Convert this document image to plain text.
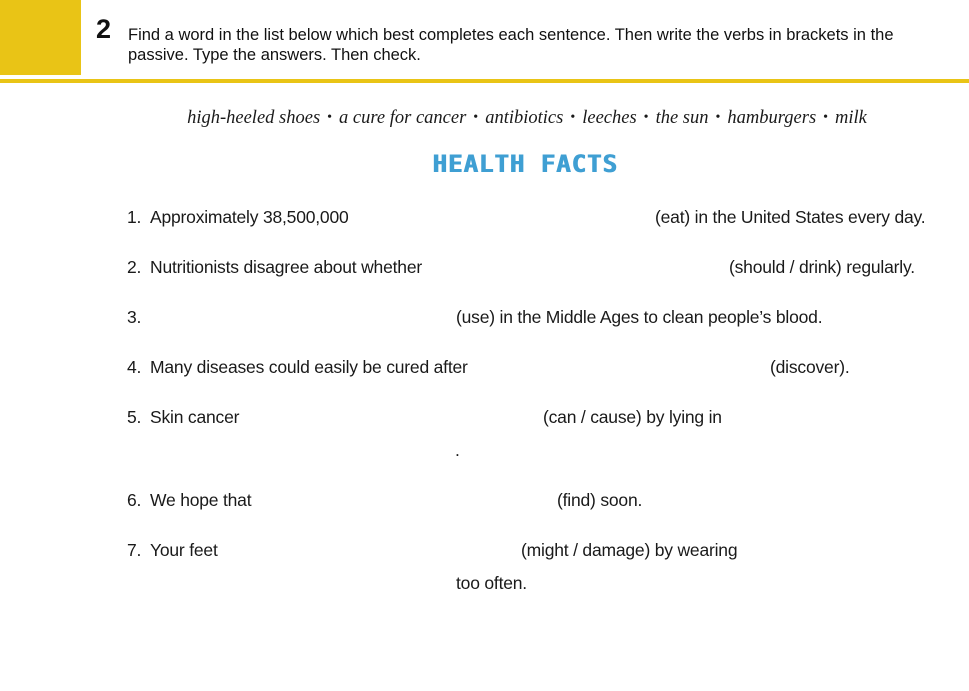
2 Find a word in the list below which best completes each sentence. Then write the verbs in brackets in the passive. Type the answers. Then check.
high-heeled shoes • a cure for cancer • antibiotics • leeches • the sun • hamburgers • milk
HEALTH FACTS
1. Approximately 38,500,000	(eat) in the United States every day.
2. Nutritionists disagree about whether	(should / drink) regularly.
3.	(use) in the Middle Ages to clean people’s blood.
4. Many diseases could easily be cured after	(discover).
5. Skin cancer	(can / cause) by lying in
.
6. We hope that	(find) soon.
7. Your feet	(might / damage) by wearing
too often.
